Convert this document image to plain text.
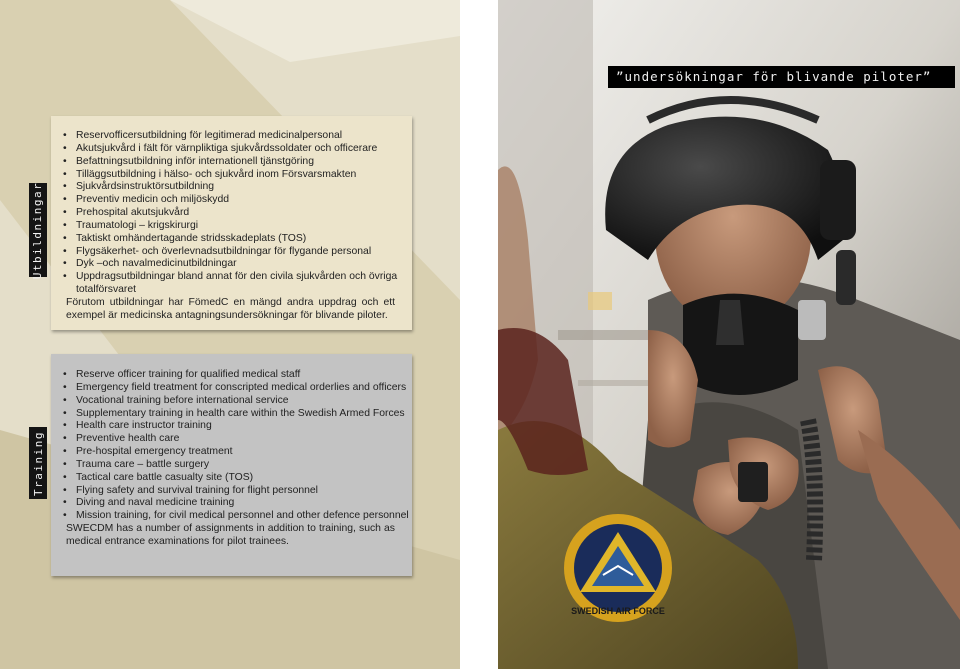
Utbildningar
• Reservofficersutbildning för legitimerad medicinalpersonal
• Akutsjukvård i fält för värnpliktiga sjukvårdssoldater och officerare
• Befattningsutbildning inför internationell tjänstgöring
• Tilläggsutbildning i hälso- och sjukvård inom Försvarsmakten
• Sjukvårdsinstruktörsutbildning
• Preventiv medicin och miljöskydd
• Prehospital akutsjukvård
• Traumatologi – krigskirurgi
• Taktiskt omhändertagande stridsskadeplats (TOS)
• Flygsäkerhet- och överlevnadsutbildningar för flygande personal
• Dyk –och navalmedicinutbildningar
• Uppdragsutbildningar bland annat för den civila sjukvården och övriga totalförsvaret

Förutom utbildningar har FömedC en mängd andra uppdrag och ett exempel är medicinska antagningsundersökningar för blivande piloter.

Training
• Reserve officer training for qualified medical staff
• Emergency field treatment for conscripted medical orderlies and officers
• Vocational training before international service
• Supplementary training in health care within the Swedish Armed Forces
• Health care instructor training
• Preventive health care
• Pre-hospital emergency treatment
• Trauma care – battle surgery
• Tactical care battle casualty site (TOS)
• Flying safety and survival training for flight personnel
• Diving and naval medicine training
• Mission training, for civil medical personnel and other defence personnel

SWECDM has a number of assignments in addition to training, such as medical entrance examinations for pilot trainees.

SWEDISH AIR FORCE
”undersökningar för blivande piloter”
